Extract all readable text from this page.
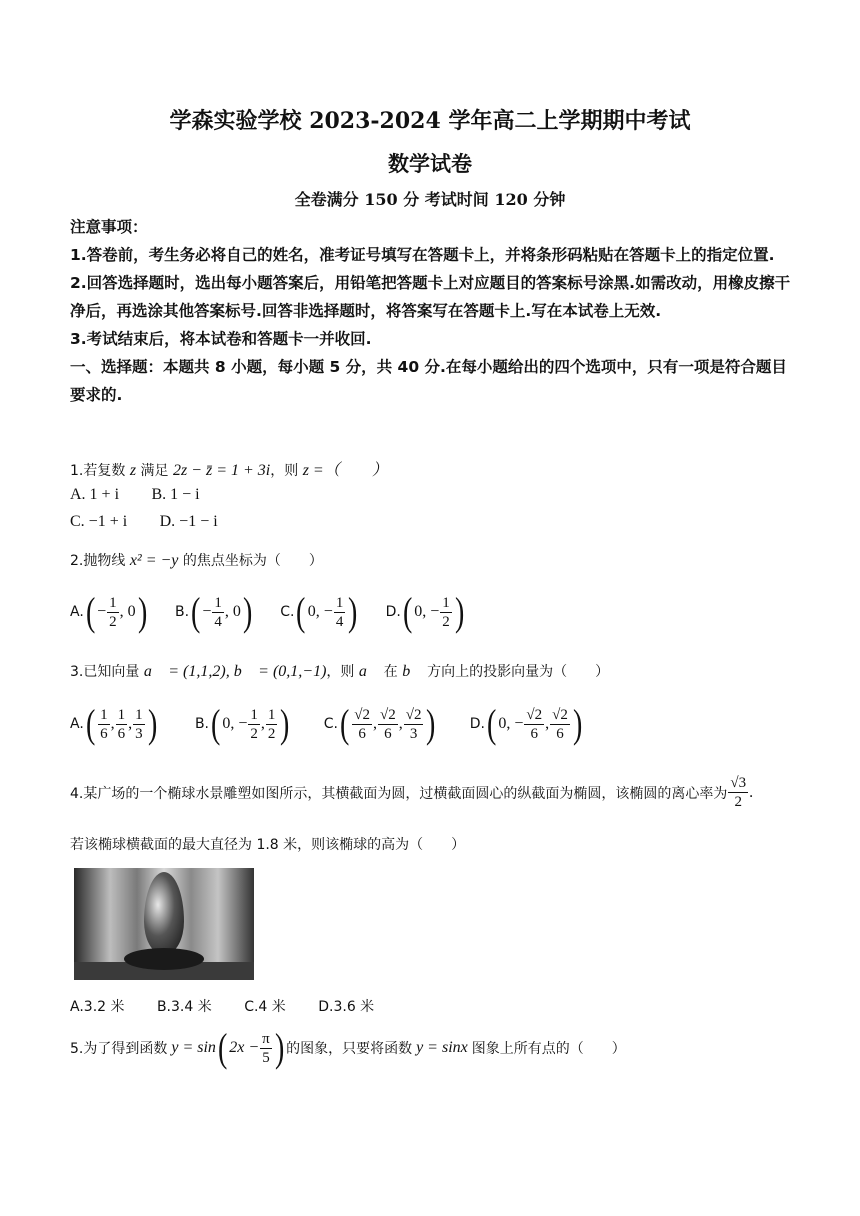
学森实验学校 2023-2024 学年高二上学期期中考试
数学试卷
全卷满分 150 分 考试时间 120 分钟

注意事项：

1.答卷前，考生务必将自己的姓名，准考证号填写在答题卡上，并将条形码粘贴在答题卡上的指定位置.

2.回答选择题时，选出每小题答案后，用铅笔把答题卡上对应题目的答案标号涂黑.如需改动，用橡皮擦干净后，再选涂其他答案标号.回答非选择题时，将答案写在答题卡上.写在本试卷上无效.

3.考试结束后，将本试卷和答题卡一并收回.

一、选择题：本题共 8 小题，每小题 5 分，共 40 分.在每小题给出的四个选项中，只有一项是符合题目要求的.

1.若复数 z 满足 2z − z̄ = 1 + 3i，则 z =（　　）
A. 1 + i B. 1 − i
C. −1 + i D. −1 − i
2.抛物线 x² = −y 的焦点坐标为（　　）
A. ( − $\frac{1}{2}$ , 0 ) B. ( − $\frac{1}{4}$ , 0 ) C. ( 0, − $\frac{1}{4}$ ) D. ( 0, − $\frac{1}{2}$ )
3.已知向量 a⃗ = (1,1,2), b⃗ = (0,1,−1)，则 a⃗ 在 b⃗ 方向上的投影向量为（　　）
A. ( $\frac{1}{6}$ , $\frac{1}{6}$ , $\frac{1}{3}$ )	B. ( 0, − $\frac{1}{2}$ , $\frac{1}{2}$ ) C. ( $\frac{√2}{6}$ , $\frac{√2}{6}$ , $\frac{√2}{3}$ ) D. ( 0, − $\frac{√2}{6}$ , $\frac{√2}{6}$ )
4.某广场的一个椭球水景雕塑如图所示，其横截面为圆，过横截面圆心的纵截面为椭圆，该椭圆的离心率为 $\frac{√3}{2}$ .
若该椭球横截面的最大直径为 1.8 米，则该椭球的高为（　　）
A.3.2 米 B.3.4 米 C.4 米 D.3.6 米
5.为了得到函数 y = sin ( $2x - \frac{\pi}{5}$ ) 的图象，只要将函数 y = sinx 图象上所有点的（　　）
